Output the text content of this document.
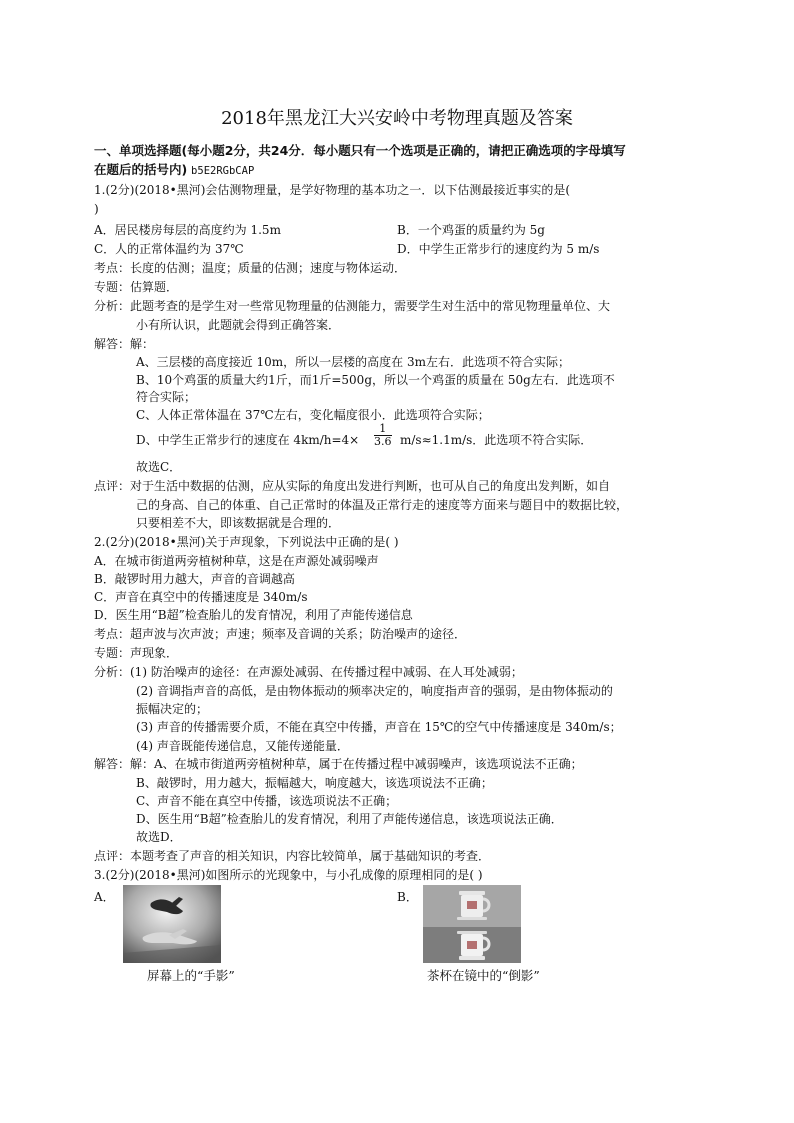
2018年黑龙江大兴安岭中考物理真题及答案
一、单项选择题(每小题2分，共24分．每小题只有一个选项是正确的，请把正确选项的字母填写
在题后的括号内) b5E2RGbCAP
1.(2分)(2018•黑河)会估测物理量，是学好物理的基本功之一．以下估测最接近事实的是(
)
A．居民楼房每层的高度约为 1.5m	B．一个鸡蛋的质量约为 5g
C．人的正常体温约为 37℃	D．中学生正常步行的速度约为 5 m/s
考点：长度的估测；温度；质量的估测；速度与物体运动．
专题：估算题．
分析：此题考查的是学生对一些常见物理量的估测能力，需要学生对生活中的常见物理量单位、大
小有所认识，此题就会得到正确答案．
解答：解：
A、三层楼的高度接近 10m，所以一层楼的高度在 3m左右．此选项不符合实际；
B、10个鸡蛋的质量大约1斤，而1斤=500g，所以一个鸡蛋的质量在 50g左右．此选项不
符合实际；
C、人体正常体温在 37℃左右，变化幅度很小．此选项符合实际；
D、中学生正常步行的速度在 $4km/h=4\times \frac{1}{3.6} m/s\approx 1.1m/s$．此选项不符合实际．
故选C．
点评：对于生活中数据的估测，应从实际的角度出发进行判断，也可从自己的角度出发判断，如自
己的身高、自己的体重、自己正常时的体温及正常行走的速度等方面来与题目中的数据比较，
只要相差不大，即该数据就是合理的．
2.(2分)(2018•黑河)关于声现象，下列说法中正确的是( )
A．在城市街道两旁植树种草，这是在声源处减弱噪声
B．敲锣时用力越大，声音的音调越高
C．声音在真空中的传播速度是 340m/s
D．医生用“B超”检查胎儿的发育情况，利用了声能传递信息
考点：超声波与次声波；声速；频率及音调的关系；防治噪声的途径．
专题：声现象．
分析：(1) 防治噪声的途径：在声源处减弱、在传播过程中减弱、在人耳处减弱；
(2) 音调指声音的高低，是由物体振动的频率决定的，响度指声音的强弱，是由物体振动的
振幅决定的；
(3) 声音的传播需要介质，不能在真空中传播，声音在 15℃的空气中传播速度是 340m/s；
(4) 声音既能传递信息，又能传递能量．
解答：解：A、在城市街道两旁植树种草，属于在传播过程中减弱噪声，该选项说法不正确；
B、敲锣时，用力越大，振幅越大，响度越大，该选项说法不正确；
C、声音不能在真空中传播，该选项说法不正确；
D、医生用“B超”检查胎儿的发育情况，利用了声能传递信息，该选项说法正确．
故选D．
点评：本题考查了声音的相关知识，内容比较简单，属于基础知识的考查．
3.(2分)(2018•黑河)如图所示的光现象中，与小孔成像的原理相同的是( )
A．	B．
屏幕上的“手影”	茶杯在镜中的“倒影”
